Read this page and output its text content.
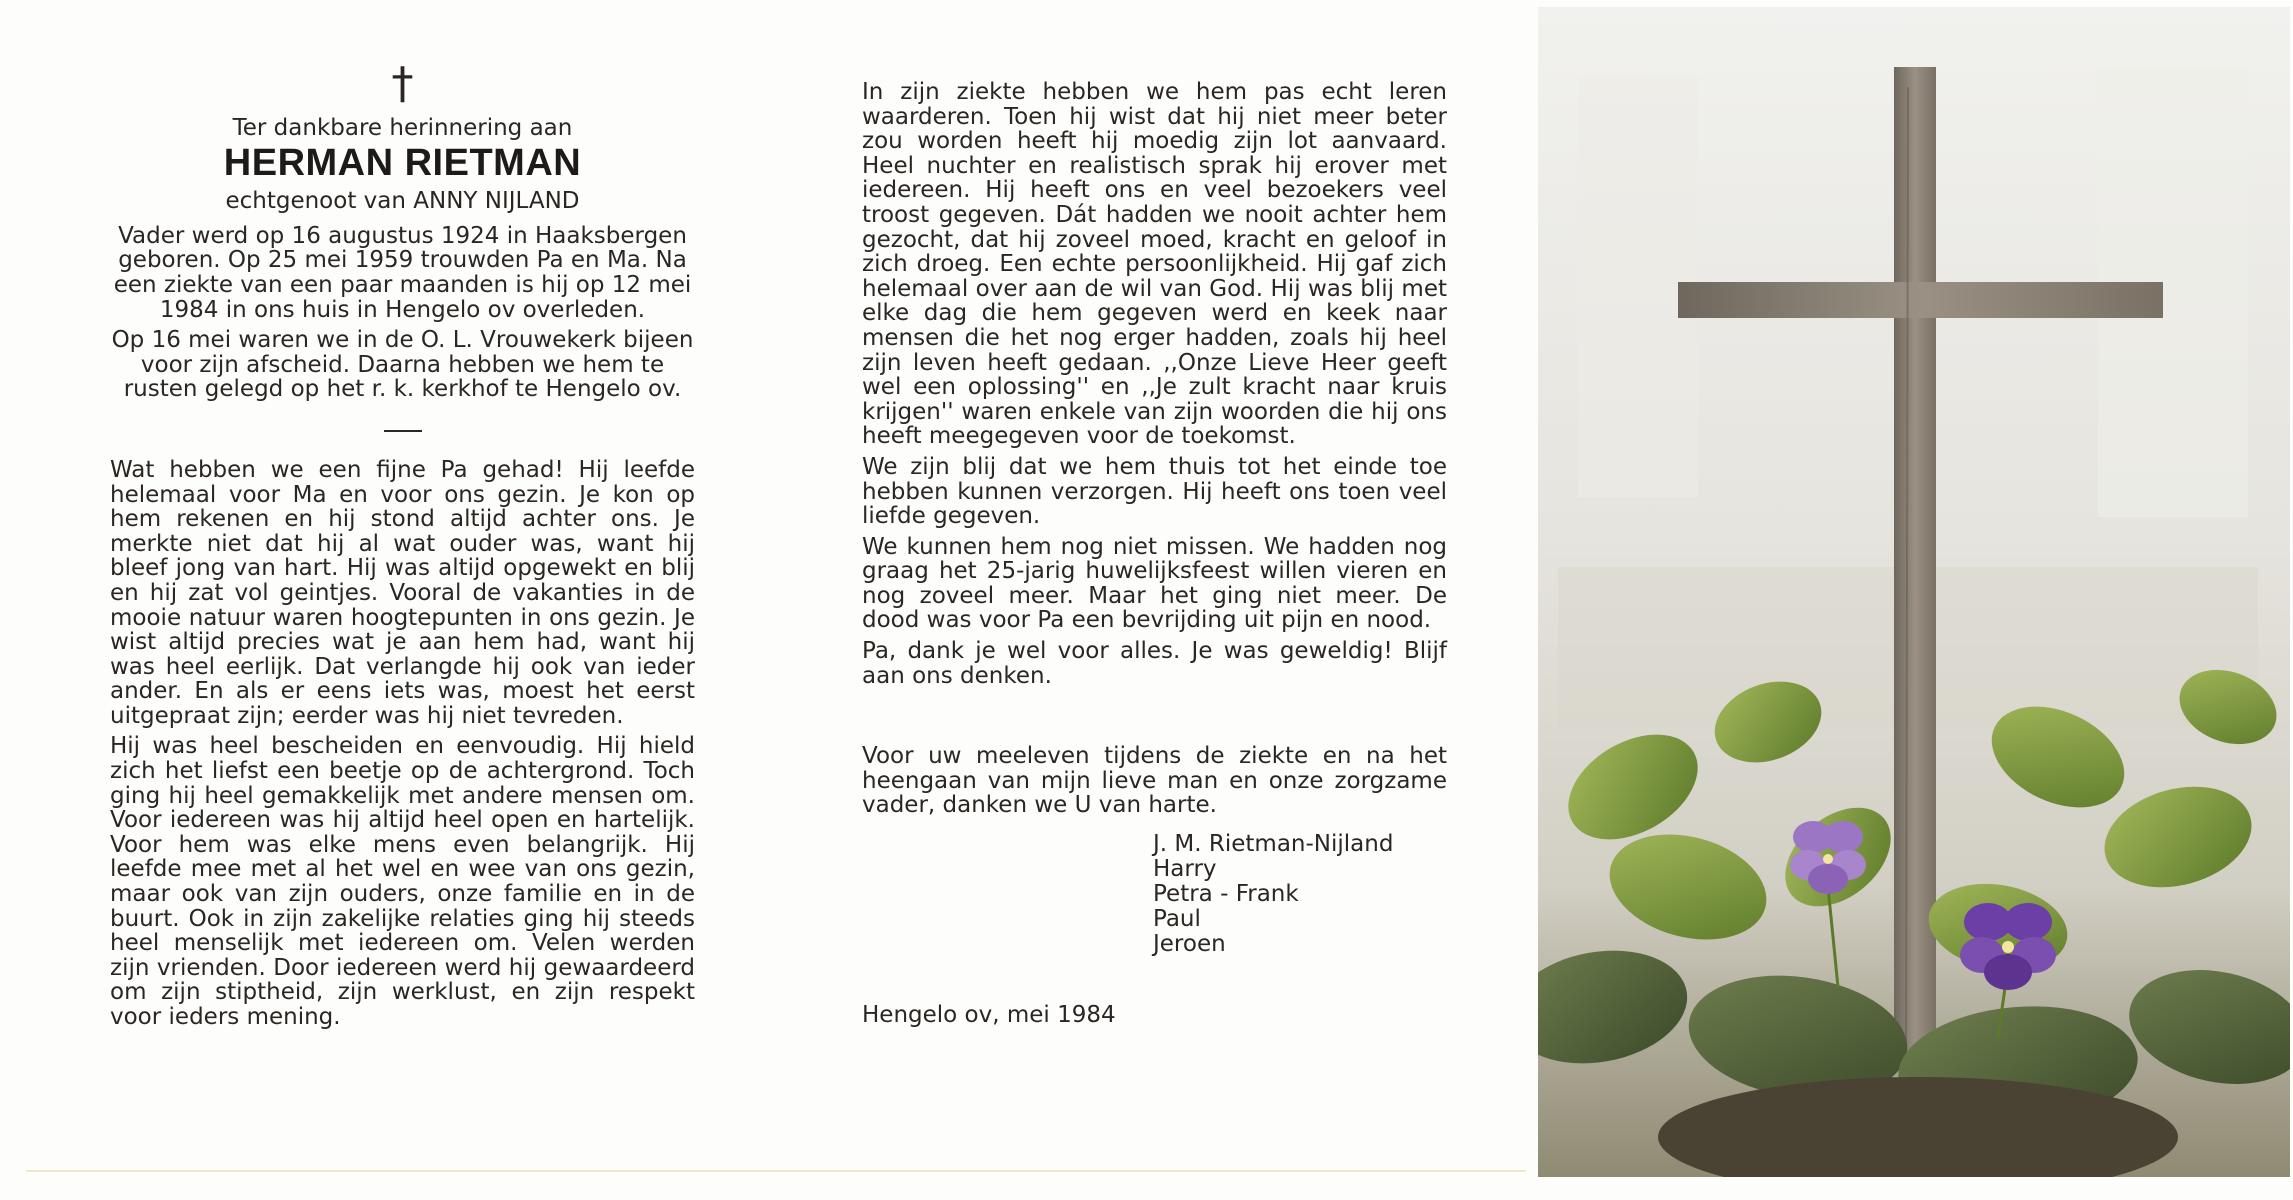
†
Ter dankbare herinnering aan
HERMAN RIETMAN
echtgenoot van ANNY NIJLAND

Vader werd op 16 augustus 1924 in Haaksbergen geboren. Op 25 mei 1959 trouwden Pa en Ma. Na een ziekte van een paar maanden is hij op 12 mei 1984 in ons huis in Hengelo ov overleden.

Op 16 mei waren we in de O. L. Vrouwekerk bijeen voor zijn afscheid. Daarna hebben we hem te rusten gelegd op het r. k. kerkhof te Hengelo ov.

Wat hebben we een fijne Pa gehad! Hij leefde helemaal voor Ma en voor ons gezin. Je kon op hem rekenen en hij stond altijd achter ons. Je merkte niet dat hij al wat ouder was, want hij bleef jong van hart. Hij was altijd opgewekt en blij en hij zat vol geintjes. Vooral de vakanties in de mooie natuur waren hoogtepunten in ons gezin. Je wist altijd precies wat je aan hem had, want hij was heel eerlijk. Dat verlangde hij ook van ieder ander. En als er eens iets was, moest het eerst uitgepraat zijn; eerder was hij niet tevreden.

Hij was heel bescheiden en eenvoudig. Hij hield zich het liefst een beetje op de achtergrond. Toch ging hij heel gemakkelijk met andere mensen om. Voor iedereen was hij altijd heel open en hartelijk. Voor hem was elke mens even belangrijk. Hij leefde mee met al het wel en wee van ons gezin, maar ook van zijn ouders, onze familie en in de buurt. Ook in zijn zakelijke relaties ging hij steeds heel menselijk met iedereen om. Velen werden zijn vrienden. Door iedereen werd hij gewaardeerd om zijn stiptheid, zijn werklust, en zijn respekt voor ieders mening.

In zijn ziekte hebben we hem pas echt leren waarderen. Toen hij wist dat hij niet meer beter zou worden heeft hij moedig zijn lot aanvaard. Heel nuchter en realistisch sprak hij erover met iedereen. Hij heeft ons en veel bezoekers veel troost gegeven. Dát hadden we nooit achter hem gezocht, dat hij zoveel moed, kracht en geloof in zich droeg. Een echte persoonlijkheid. Hij gaf zich helemaal over aan de wil van God. Hij was blij met elke dag die hem gegeven werd en keek naar mensen die het nog erger hadden, zoals hij heel zijn leven heeft gedaan. ,,Onze Lieve Heer geeft wel een oplossing'' en ,,Je zult kracht naar kruis krijgen'' waren enkele van zijn woorden die hij ons heeft meegegeven voor de toekomst.

We zijn blij dat we hem thuis tot het einde toe hebben kunnen verzorgen. Hij heeft ons toen veel liefde gegeven.

We kunnen hem nog niet missen. We hadden nog graag het 25-jarig huwelijksfeest willen vieren en nog zoveel meer. Maar het ging niet meer. De dood was voor Pa een bevrijding uit pijn en nood.

Pa, dank je wel voor alles. Je was geweldig! Blijf aan ons denken.

Voor uw meeleven tijdens de ziekte en na het heengaan van mijn lieve man en onze zorgzame vader, danken we U van harte.

J. M. Rietman-Nijland
Harry
Petra - Frank
Paul
Jeroen

Hengelo ov, mei 1984
